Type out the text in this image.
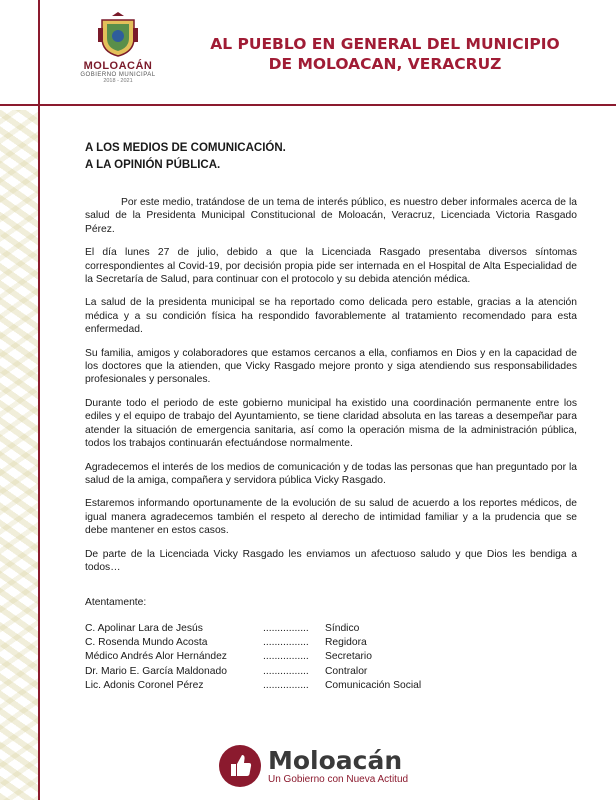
MOLOACÁN
GOBIERNO MUNICIPAL
2018 - 2021
AL PUEBLO EN GENERAL DEL MUNICIPIO
DE MOLOACAN, VERACRUZ
A LOS MEDIOS DE COMUNICACIÓN.
A LA OPINIÓN PÚBLICA.

Por este medio, tratándose de un tema de interés público, es nuestro deber informales acerca de la salud de la Presidenta Municipal Constitucional de Moloacán, Veracruz, Licenciada Victoria Rasgado Pérez.

El día lunes 27 de julio, debido a que la Licenciada Rasgado presentaba diversos síntomas correspondientes al Covid-19, por decisión propia pide ser internada en el Hospital de Alta Especialidad de la Secretaría de Salud, para continuar con el protocolo y su debida atención médica.

La salud de la presidenta municipal se ha reportado como delicada pero estable, gracias a la atención médica y a su condición física ha respondido favorablemente al tratamiento recomendado para esta enfermedad.

Su familia, amigos y colaboradores que estamos cercanos a ella, confiamos en Dios y en la capacidad de los doctores que la atienden, que Vicky Rasgado mejore pronto y siga atendiendo sus responsabilidades profesionales y personales.

Durante todo el periodo de este gobierno municipal ha existido una coordinación permanente entre los ediles y el equipo de trabajo del Ayuntamiento, se tiene claridad absoluta en las tareas a desempeñar para atender la situación de emergencia sanitaria, así como la operación misma de la administración pública, todos los trabajos continuarán efectuándose normalmente.

Agradecemos el interés de los medios de comunicación y de todas las personas que han preguntado por la salud de la amiga, compañera y servidora pública Vicky Rasgado.

Estaremos informando oportunamente de la evolución de su salud de acuerdo a los reportes médicos, de igual manera agradecemos también el respeto al derecho de intimidad familiar y a la prudencia que se debe mantener en estos casos.

De parte de la Licenciada Vicky Rasgado les enviamos un afectuoso saludo y que Dios les bendiga a todos…

Atentamente:
C. Apolinar Lara de Jesús	................	Síndico
C. Rosenda Mundo Acosta	................	Regidora
Médico Andrés Alor Hernández	................	Secretario
Dr. Mario E. García Maldonado	................	Contralor
Lic. Adonis Coronel Pérez	................	Comunicación Social
Moloacán
Un Gobierno con Nueva Actitud
